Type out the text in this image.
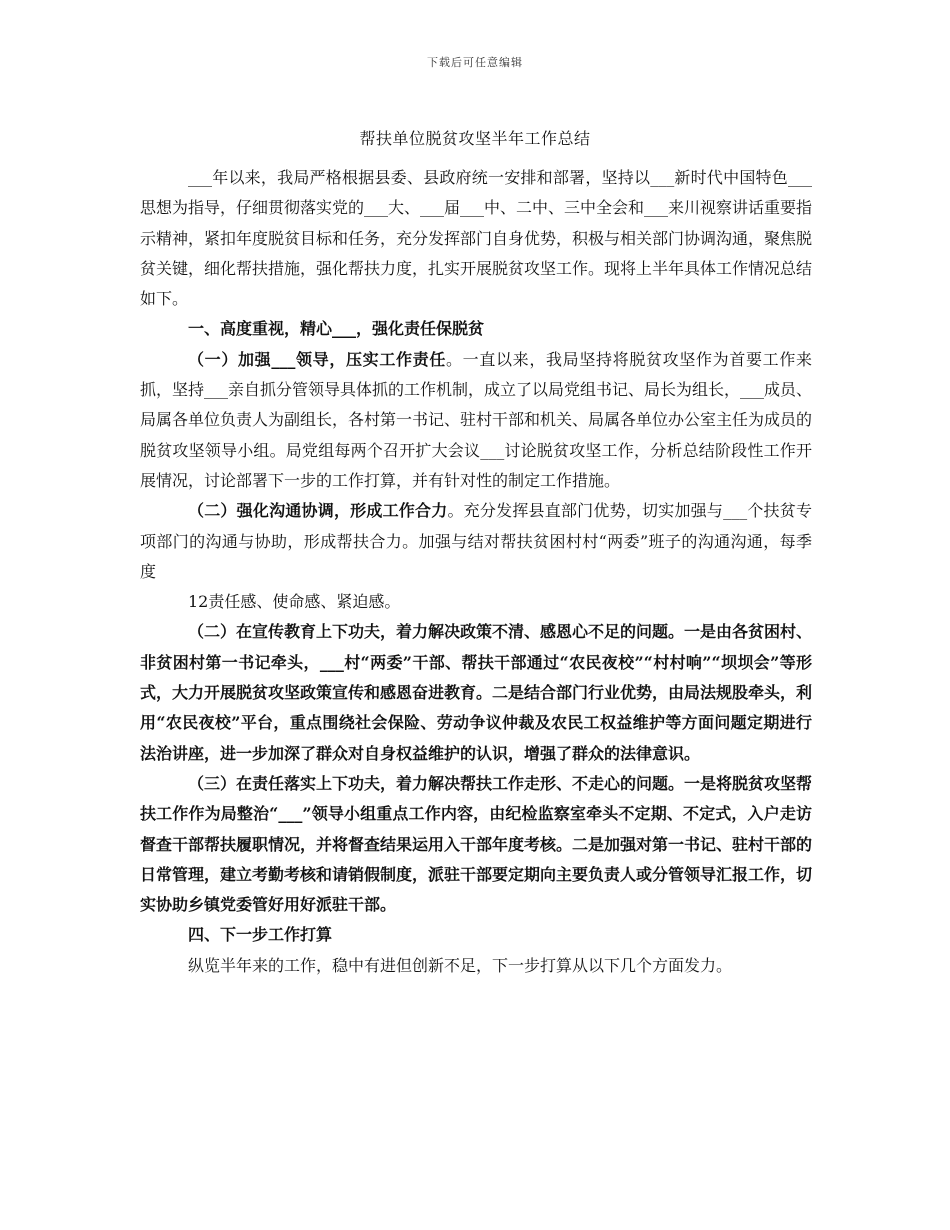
下载后可任意编辑
帮扶单位脱贫攻坚半年工作总结

___年以来，我局严格根据县委、县政府统一安排和部署，坚持以___新时代中国特色___思想为指导，仔细贯彻落实党的___大、___届___中、二中、三中全会和___来川视察讲话重要指示精神，紧扣年度脱贫目标和任务，充分发挥部门自身优势，积极与相关部门协调沟通，聚焦脱贫关键，细化帮扶措施，强化帮扶力度，扎实开展脱贫攻坚工作。现将上半年具体工作情况总结如下。

一、高度重视，精心___，强化责任保脱贫

（一）加强___领导，压实工作责任。一直以来，我局坚持将脱贫攻坚作为首要工作来抓，坚持___亲自抓分管领导具体抓的工作机制，成立了以局党组书记、局长为组长，___成员、局属各单位负责人为副组长，各村第一书记、驻村干部和机关、局属各单位办公室主任为成员的脱贫攻坚领导小组。局党组每两个召开扩大会议___讨论脱贫攻坚工作，分析总结阶段性工作开展情况，讨论部署下一步的工作打算，并有针对性的制定工作措施。

（二）强化沟通协调，形成工作合力。充分发挥县直部门优势，切实加强与___个扶贫专项部门的沟通与协助，形成帮扶合力。加强与结对帮扶贫困村村“两委”班子的沟通沟通，每季度

12责任感、使命感、紧迫感。

（二）在宣传教育上下功夫，着力解决政策不清、感恩心不足的问题。一是由各贫困村、非贫困村第一书记牵头，___村“两委”干部、帮扶干部通过“农民夜校”“村村响”“坝坝会”等形式，大力开展脱贫攻坚政策宣传和感恩奋进教育。二是结合部门行业优势，由局法规股牵头，利用“农民夜校”平台，重点围绕社会保险、劳动争议仲裁及农民工权益维护等方面问题定期进行法治讲座，进一步加深了群众对自身权益维护的认识，增强了群众的法律意识。

（三）在责任落实上下功夫，着力解决帮扶工作走形、不走心的问题。一是将脱贫攻坚帮扶工作作为局整治“___”领导小组重点工作内容，由纪检监察室牵头不定期、不定式，入户走访督查干部帮扶履职情况，并将督查结果运用入干部年度考核。二是加强对第一书记、驻村干部的日常管理，建立考勤考核和请销假制度，派驻干部要定期向主要负责人或分管领导汇报工作，切实协助乡镇党委管好用好派驻干部。

四、下一步工作打算

纵览半年来的工作，稳中有进但创新不足，下一步打算从以下几个方面发力。
